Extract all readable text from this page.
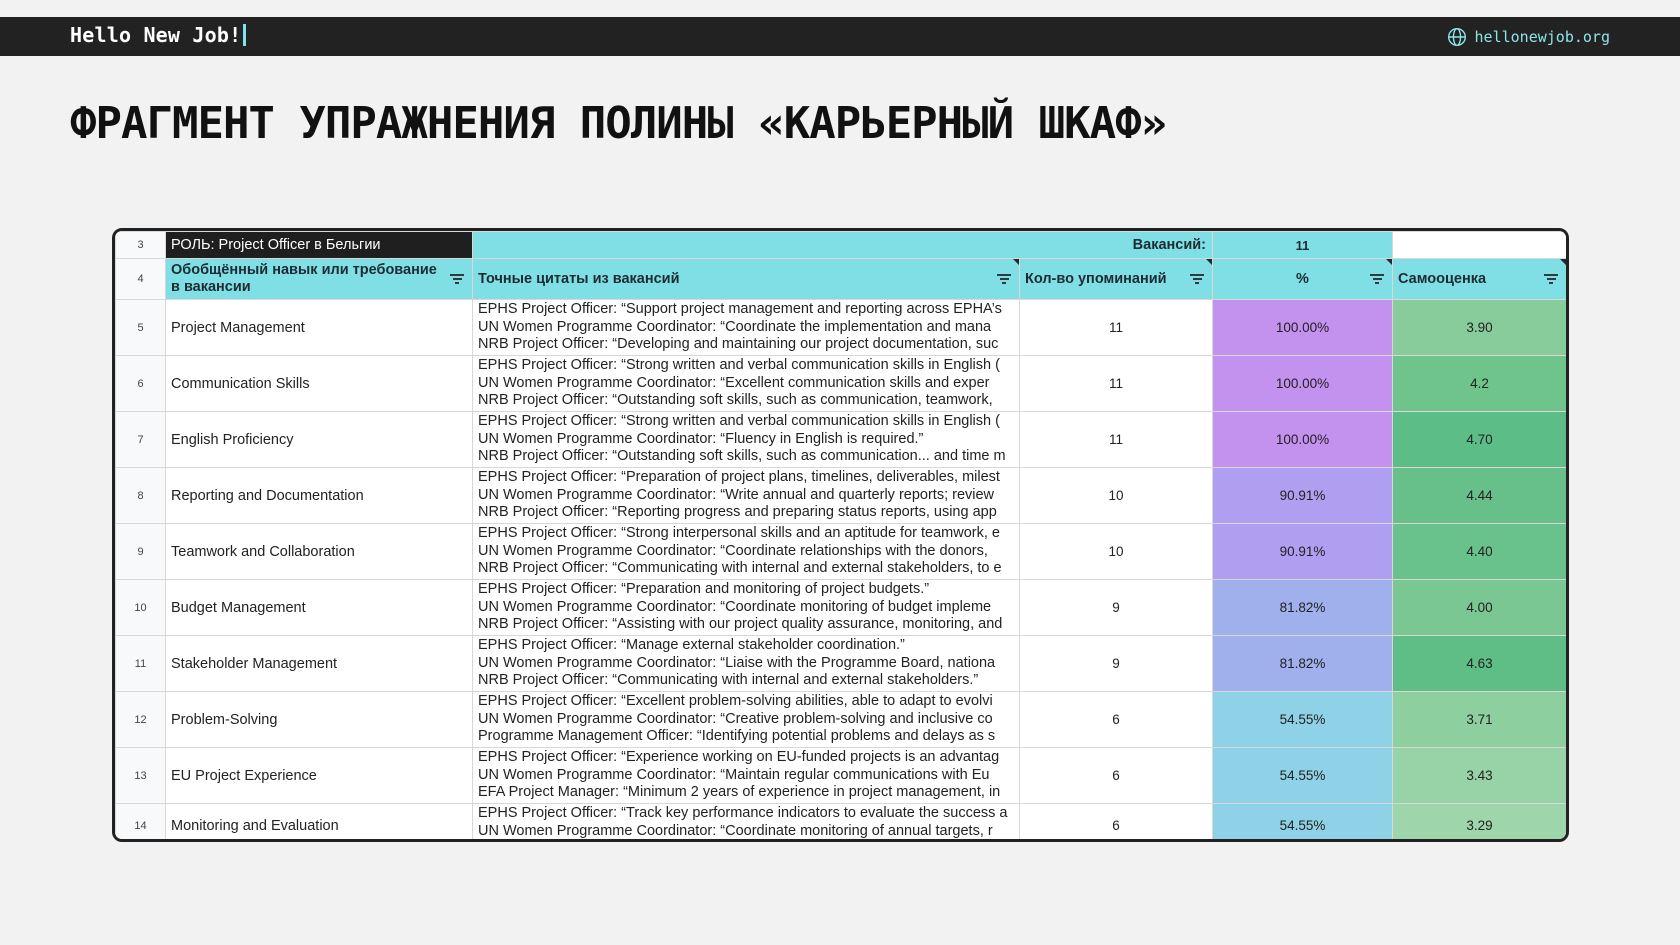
Hello New Job!	hellonewjob.org
ФРАГМЕНТ УПРАЖНЕНИЯ ПОЛИНЫ «КАРЬЕРНЫЙ ШКАФ»
3	РОЛЬ: Project Officer в Бельгии	Вакансий:		11	
4	Обобщённый навык или требование в вакансии	Точные цитаты из вакансий	Кол-во упоминаний	%	Самооценка

5	Project Management	EPHS Project Officer: “Support project management and reporting across EPHA’s
UN Women Programme Coordinator: “Coordinate the implementation and mana
NRB Project Officer: “Developing and maintaining our project documentation, suc	11	100.00%	3.90
6	Communication Skills	EPHS Project Officer: “Strong written and verbal communication skills in English (
UN Women Programme Coordinator: “Excellent communication skills and exper
NRB Project Officer: “Outstanding soft skills, such as communication, teamwork,	11	100.00%	4.2
7	English Proficiency	EPHS Project Officer: “Strong written and verbal communication skills in English (
UN Women Programme Coordinator: “Fluency in English is required.”
NRB Project Officer: “Outstanding soft skills, such as communication... and time m	11	100.00%	4.70
8	Reporting and Documentation	EPHS Project Officer: “Preparation of project plans, timelines, deliverables, milest
UN Women Programme Coordinator: “Write annual and quarterly reports; review
NRB Project Officer: “Reporting progress and preparing status reports, using app	10	90.91%	4.44
9	Teamwork and Collaboration	EPHS Project Officer: “Strong interpersonal skills and an aptitude for teamwork, e
UN Women Programme Coordinator: “Coordinate relationships with the donors,
NRB Project Officer: “Communicating with internal and external stakeholders, to e	10	90.91%	4.40
10	Budget Management	EPHS Project Officer: “Preparation and monitoring of project budgets.”
UN Women Programme Coordinator: “Coordinate monitoring of budget impleme
NRB Project Officer: “Assisting with our project quality assurance, monitoring, and	9	81.82%	4.00
11	Stakeholder Management	EPHS Project Officer: “Manage external stakeholder coordination.”
UN Women Programme Coordinator: “Liaise with the Programme Board, nationa
NRB Project Officer: “Communicating with internal and external stakeholders.”	9	81.82%	4.63
12	Problem-Solving	EPHS Project Officer: “Excellent problem-solving abilities, able to adapt to evolvi
UN Women Programme Coordinator: “Creative problem-solving and inclusive co
Programme Management Officer: “Identifying potential problems and delays as s	6	54.55%	3.71
13	EU Project Experience	EPHS Project Officer: “Experience working on EU-funded projects is an advantag
UN Women Programme Coordinator: “Maintain regular communications with Eu
EFA Project Manager: “Minimum 2 years of experience in project management, in	6	54.55%	3.43
14	Monitoring and Evaluation	EPHS Project Officer: “Track key performance indicators to evaluate the success a
UN Women Programme Coordinator: “Coordinate monitoring of annual targets, r	6	54.55%	3.29
